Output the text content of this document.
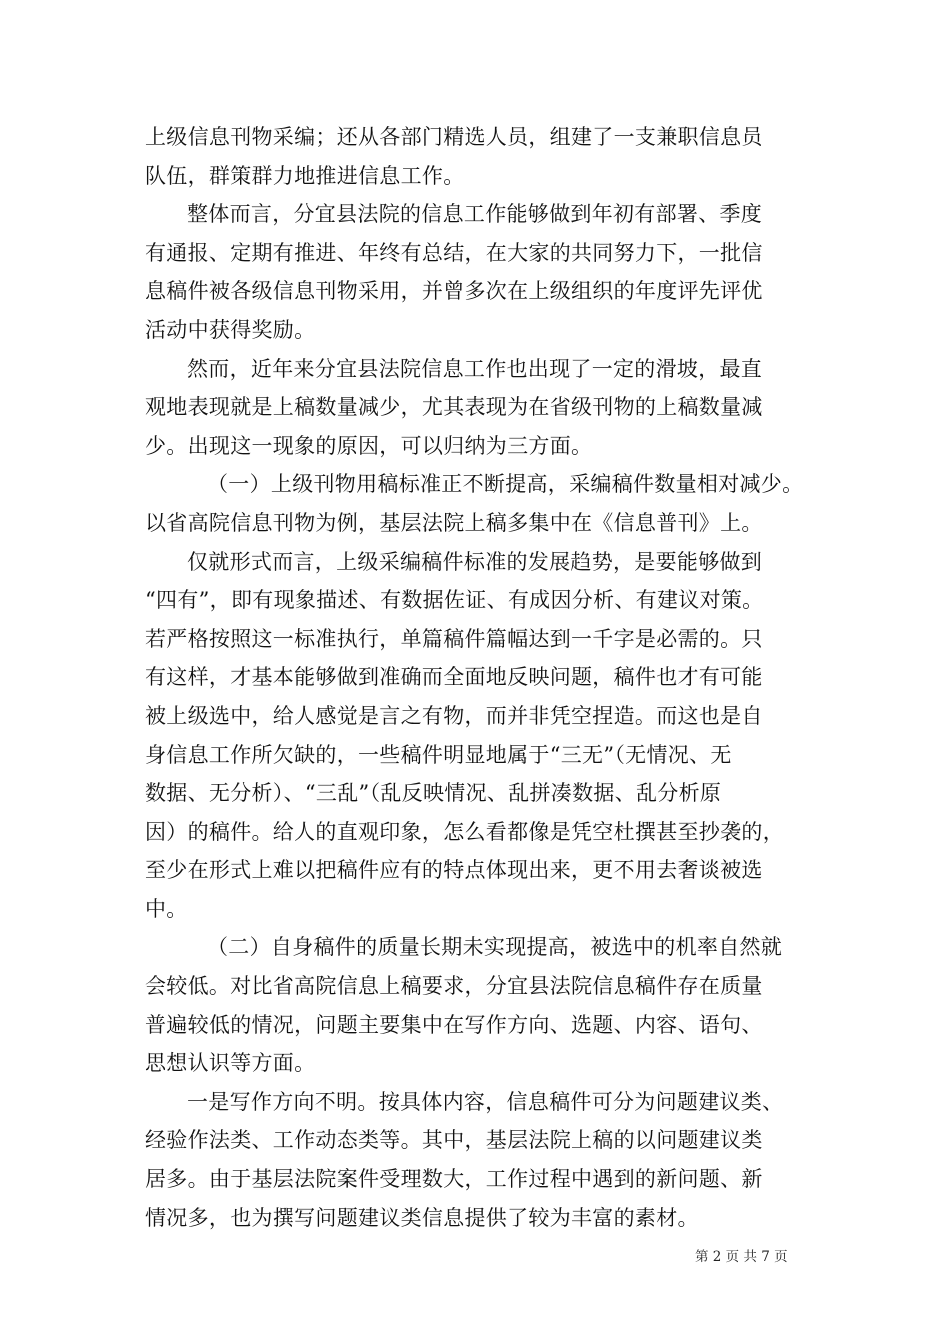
上级信息刊物采编；还从各部门精选人员，组建了一支兼职信息员
队伍，群策群力地推进信息工作。
整体而言，分宜县法院的信息工作能够做到年初有部署、季度
有通报、定期有推进、年终有总结，在大家的共同努力下，一批信
息稿件被各级信息刊物采用，并曾多次在上级组织的年度评先评优
活动中获得奖励。
然而，近年来分宜县法院信息工作也出现了一定的滑坡，最直
观地表现就是上稿数量减少，尤其表现为在省级刊物的上稿数量减
少。出现这一现象的原因，可以归纳为三方面。
（一）上级刊物用稿标准正不断提高，采编稿件数量相对减少。
以省高院信息刊物为例，基层法院上稿多集中在《信息普刊》上。
仅就形式而言，上级采编稿件标准的发展趋势，是要能够做到
“四有”，即有现象描述、有数据佐证、有成因分析、有建议对策。
若严格按照这一标准执行，单篇稿件篇幅达到一千字是必需的。只
有这样，才基本能够做到准确而全面地反映问题，稿件也才有可能
被上级选中，给人感觉是言之有物，而并非凭空捏造。而这也是自
身信息工作所欠缺的，一些稿件明显地属于“三无”（无情况、无
数据、无分析）、“三乱”（乱反映情况、乱拼凑数据、乱分析原
因）的稿件。给人的直观印象，怎么看都像是凭空杜撰甚至抄袭的，
至少在形式上难以把稿件应有的特点体现出来，更不用去奢谈被选
中。
（二）自身稿件的质量长期未实现提高，被选中的机率自然就
会较低。对比省高院信息上稿要求，分宜县法院信息稿件存在质量
普遍较低的情况，问题主要集中在写作方向、选题、内容、语句、
思想认识等方面。
一是写作方向不明。按具体内容，信息稿件可分为问题建议类、
经验作法类、工作动态类等。其中，基层法院上稿的以问题建议类
居多。由于基层法院案件受理数大，工作过程中遇到的新问题、新
情况多，也为撰写问题建议类信息提供了较为丰富的素材。
第 2 页 共 7 页
